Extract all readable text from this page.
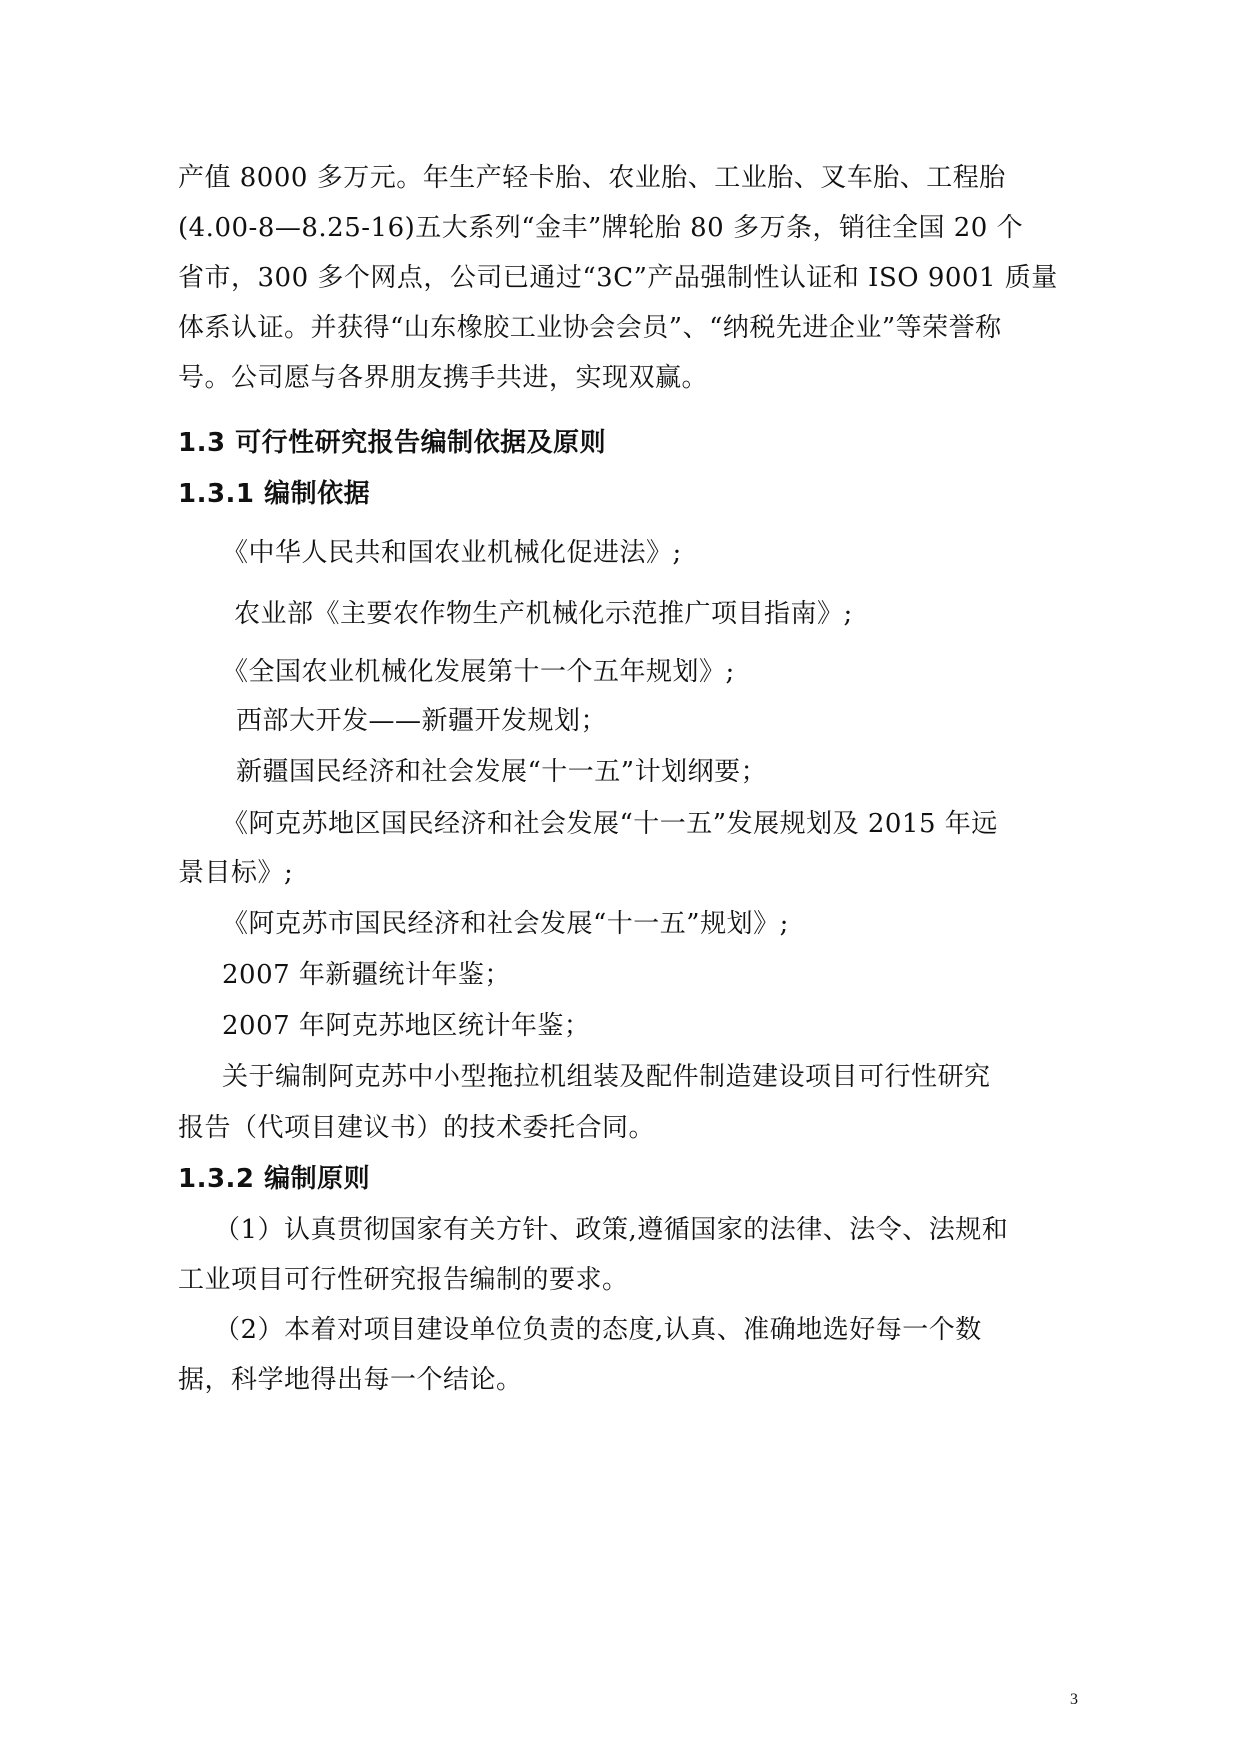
产值 8000 多万元。年生产轻卡胎、农业胎、工业胎、叉车胎、工程胎
(4.00-8—8.25-16)五大系列“金丰”牌轮胎 80 多万条，销往全国 20 个
省市，300 多个网点，公司已通过“3C”产品强制性认证和 ISO 9001 质量
体系认证。并获得“山东橡胶工业协会会员”、“纳税先进企业”等荣誉称
号。公司愿与各界朋友携手共进，实现双赢。
1.3 可行性研究报告编制依据及原则
1.3.1 编制依据
《中华人民共和国农业机械化促进法》;
农业部《主要农作物生产机械化示范推广项目指南》;
《全国农业机械化发展第十一个五年规划》;
西部大开发——新疆开发规划；
新疆国民经济和社会发展“十一五”计划纲要；
《阿克苏地区国民经济和社会发展“十一五”发展规划及 2015 年远
景目标》;
《阿克苏市国民经济和社会发展“十一五”规划》;
2007 年新疆统计年鉴；
2007 年阿克苏地区统计年鉴；
关于编制阿克苏中小型拖拉机组装及配件制造建设项目可行性研究
报告（代项目建议书）的技术委托合同。
1.3.2 编制原则
（1）认真贯彻国家有关方针、政策,遵循国家的法律、法令、法规和
工业项目可行性研究报告编制的要求。
（2）本着对项目建设单位负责的态度,认真、准确地选好每一个数
据，科学地得出每一个结论。
3
